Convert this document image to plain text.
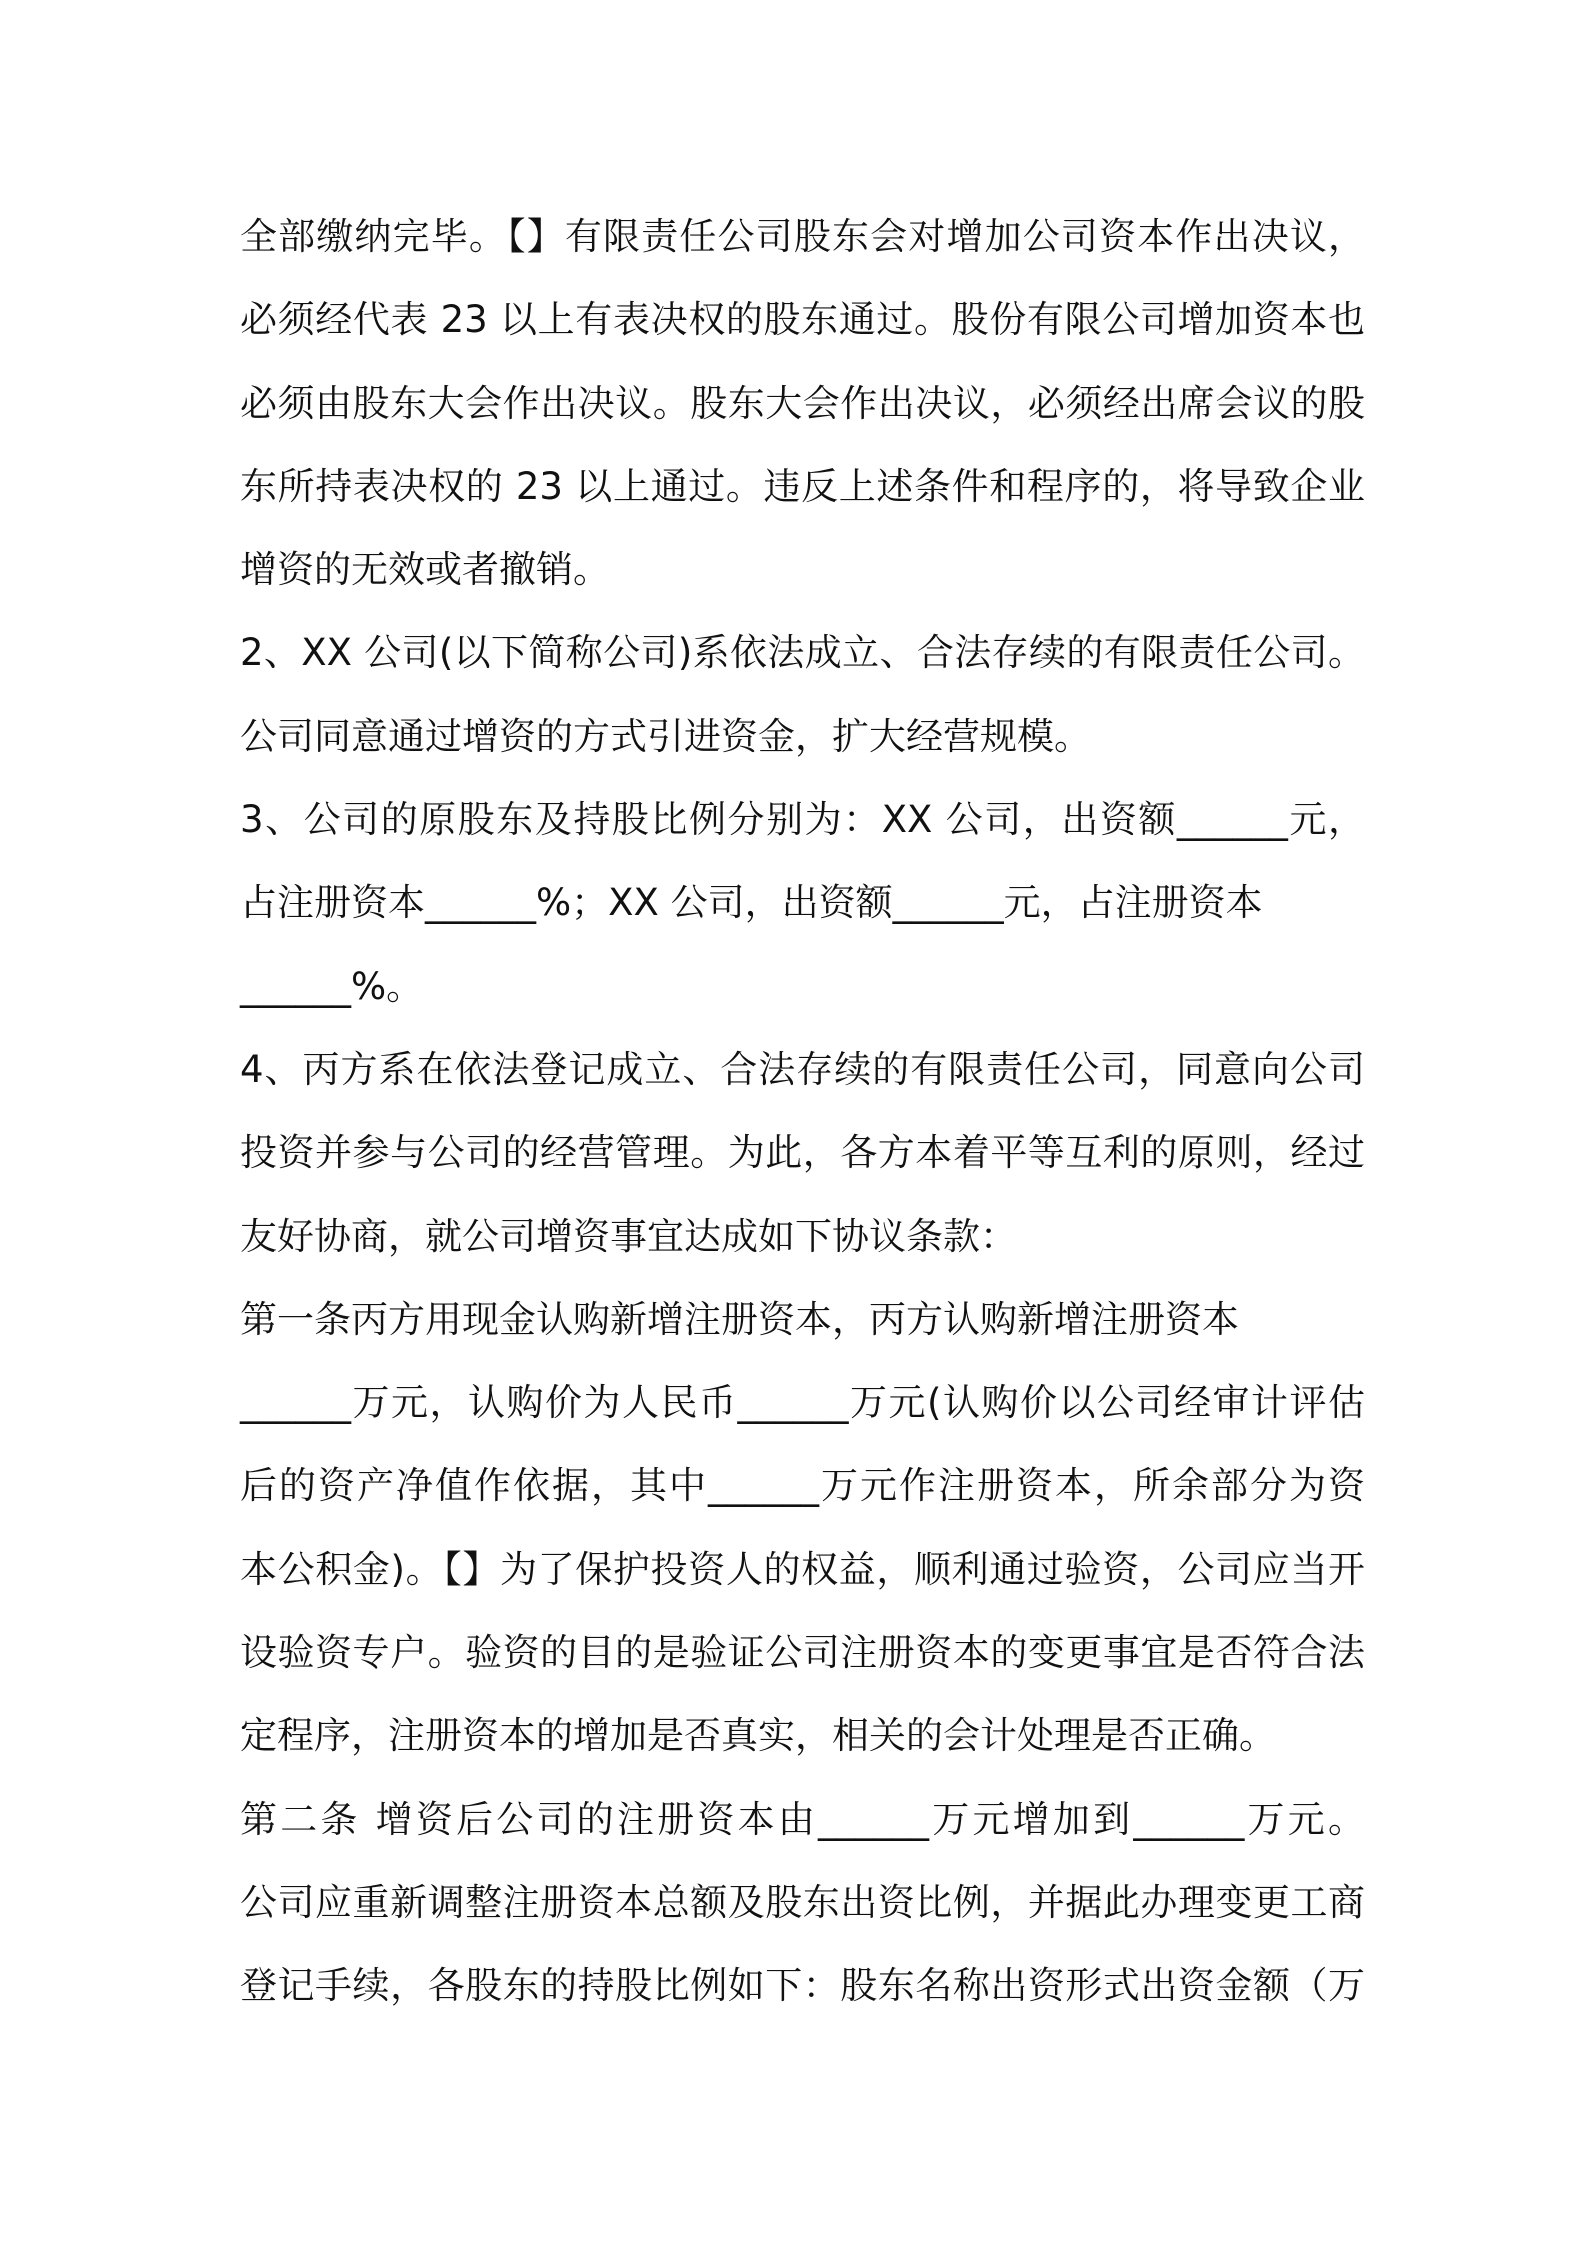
全部缴纳完毕。【】有限责任公司股东会对增加公司资本作出决议，
必须经代表 23 以上有表决权的股东通过。股份有限公司增加资本也
必须由股东大会作出决议。股东大会作出决议，必须经出席会议的股
东所持表决权的 23 以上通过。违反上述条件和程序的，将导致企业
增资的无效或者撤销。
2、XX 公司(以下简称公司)系依法成立、合法存续的有限责任公司。
公司同意通过增资的方式引进资金，扩大经营规模。
3、公司的原股东及持股比例分别为：XX 公司，出资额______元，
占注册资本______%；XX 公司，出资额______元，占注册资本
______%。
4、丙方系在依法登记成立、合法存续的有限责任公司，同意向公司
投资并参与公司的经营管理。为此，各方本着平等互利的原则，经过
友好协商，就公司增资事宜达成如下协议条款：
第一条丙方用现金认购新增注册资本，丙方认购新增注册资本
______万元，认购价为人民币______万元(认购价以公司经审计评估
后的资产净值作依据，其中______万元作注册资本，所余部分为资
本公积金)。【】为了保护投资人的权益，顺利通过验资，公司应当开
设验资专户。验资的目的是验证公司注册资本的变更事宜是否符合法
定程序，注册资本的增加是否真实，相关的会计处理是否正确。
第二条 增资后公司的注册资本由______万元增加到______万元。
公司应重新调整注册资本总额及股东出资比例，并据此办理变更工商
登记手续，各股东的持股比例如下：股东名称出资形式出资金额（万
